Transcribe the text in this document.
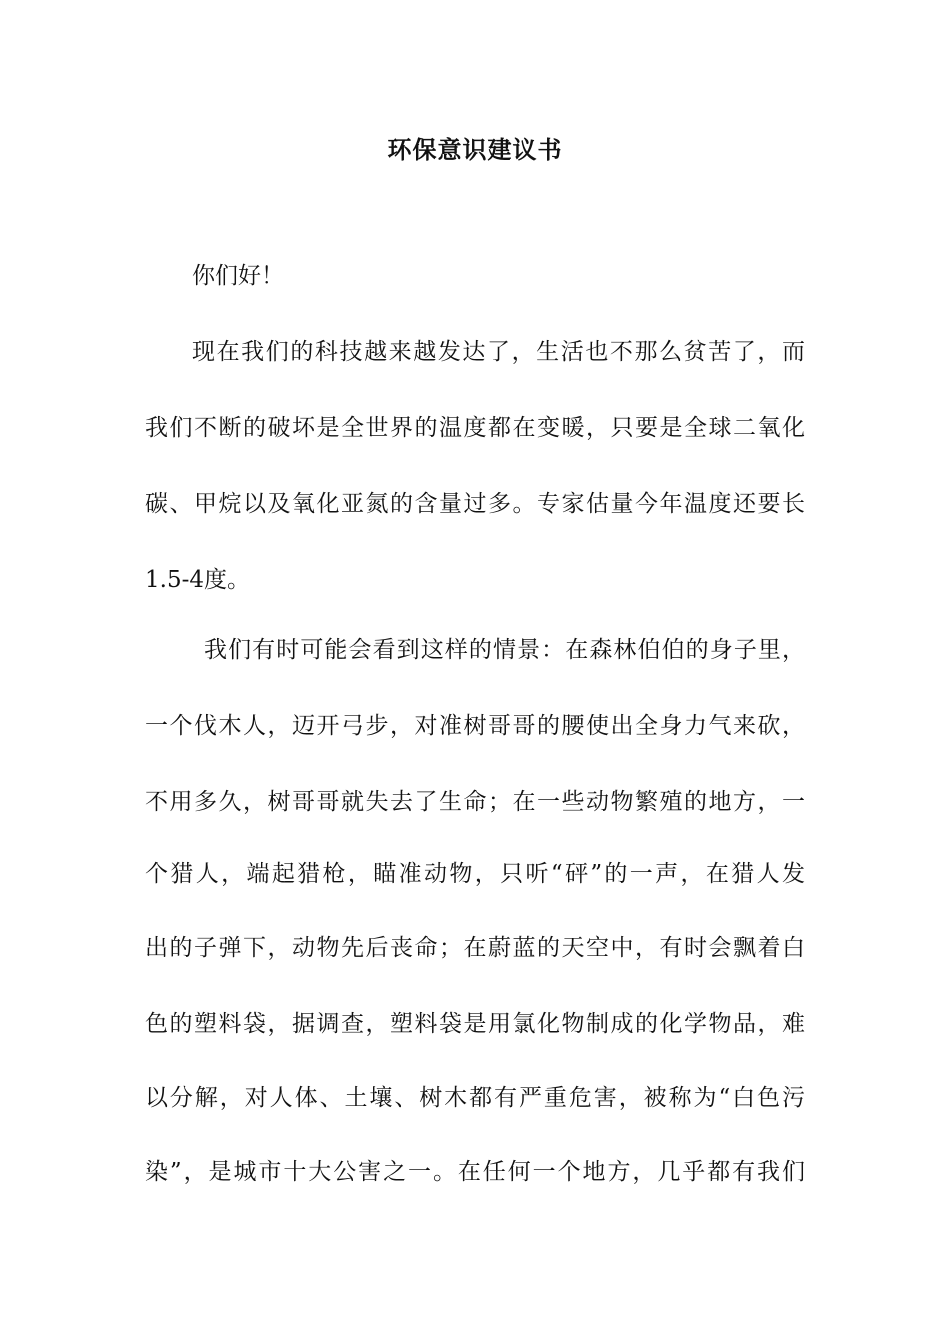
环保意识建议书

你们好！

现在我们的科技越来越发达了，生活也不那么贫苦了，而

我们不断的破坏是全世界的温度都在变暖，只要是全球二氧化

碳、甲烷以及氧化亚氮的含量过多。专家估量今年温度还要长

1.5-4度。

我们有时可能会看到这样的情景：在森林伯伯的身子里，

一个伐木人，迈开弓步，对准树哥哥的腰使出全身力气来砍，

不用多久，树哥哥就失去了生命；在一些动物繁殖的地方，一

个猎人，端起猎枪，瞄准动物，只听“砰”的一声，在猎人发

出的子弹下，动物先后丧命；在蔚蓝的天空中，有时会飘着白

色的塑料袋，据调查，塑料袋是用氯化物制成的化学物品，难

以分解，对人体、土壤、树木都有严重危害，被称为“白色污

染”，是城市十大公害之一。在任何一个地方，几乎都有我们
